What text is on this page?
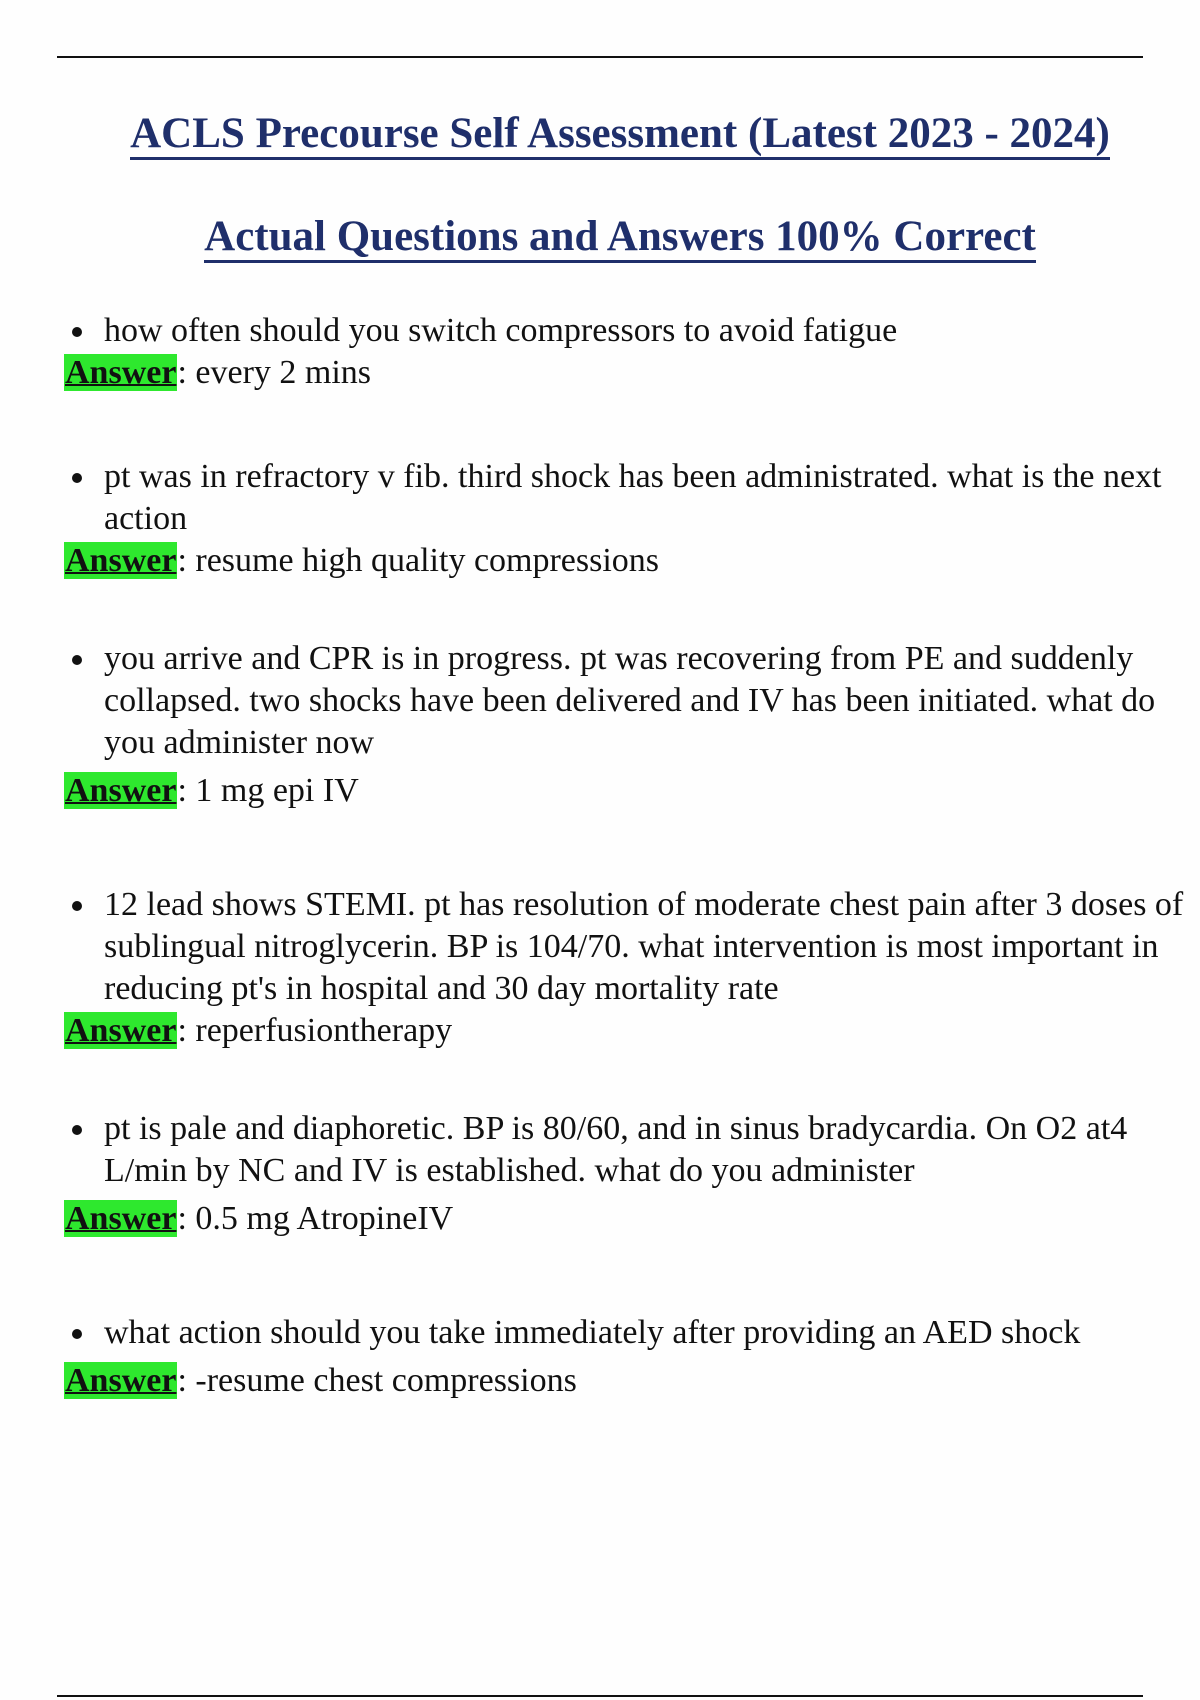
ACLS Precourse Self Assessment (Latest 2023 - 2024)
Actual Questions and Answers 100% Correct
how often should you switch compressors to avoid fatigue
Answer: every 2 mins
pt was in refractory v fib. third shock has been administrated. what is the next action
Answer: resume high quality compressions
you arrive and CPR is in progress. pt was recovering from PE and suddenly collapsed. two shocks have been delivered and IV has been initiated. what do you administer now
Answer: 1 mg epi IV
12 lead shows STEMI. pt has resolution of moderate chest pain after 3 doses of sublingual nitroglycerin. BP is 104/70. what intervention is most important in reducing pt's in hospital and 30 day mortality rate
Answer: reperfusiontherapy
pt is pale and diaphoretic. BP is 80/60, and in sinus bradycardia. On O2 at4 L/min by NC and IV is established. what do you administer
Answer: 0.5 mg AtropineIV
what action should you take immediately after providing an AED shock
Answer: -resume chest compressions
